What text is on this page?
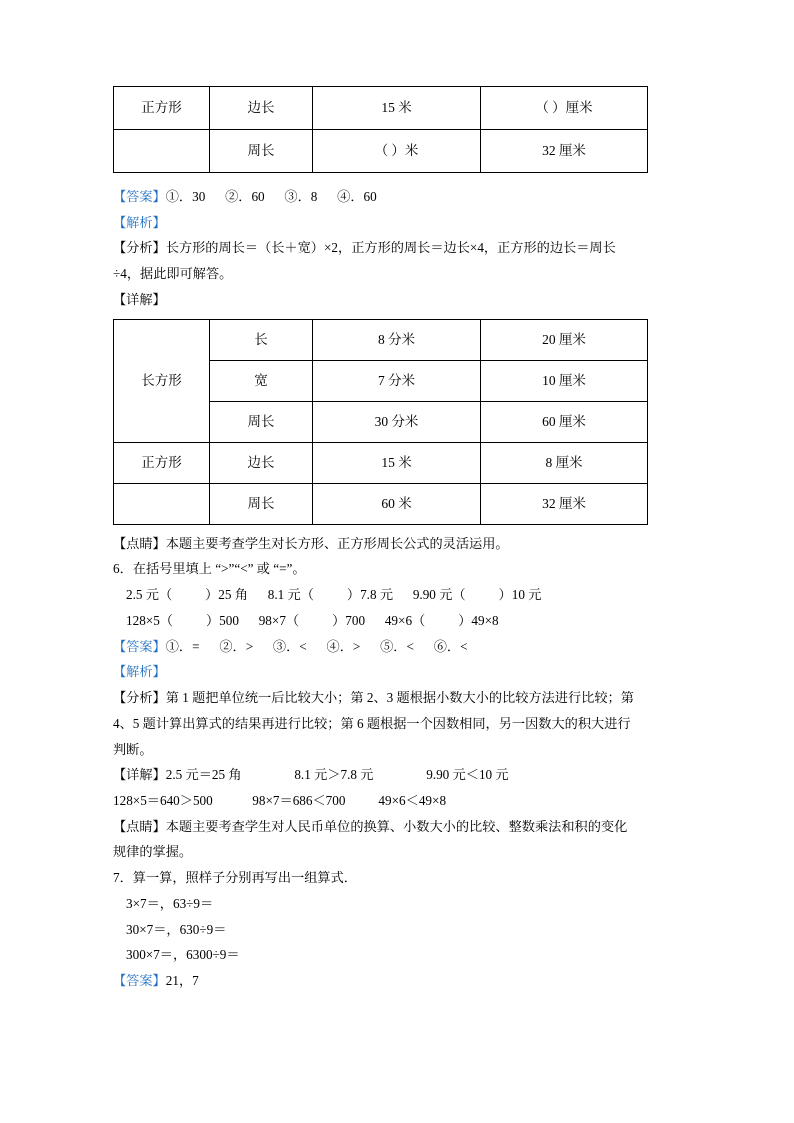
正方形	边长	15 米	（ ）厘米
	周长	（ ）米	32 厘米
【答案】①．30      ②．60      ③．8      ④．60
【解析】
【分析】长方形的周长＝（长＋宽）×2，正方形的周长＝边长×4，正方形的边长＝周长
÷4，据此即可解答。
【详解】
长方形	长	8 分米	20 厘米
	宽	7 分米	10 厘米
	周长	30 分米	60 厘米
正方形	边长	15 米	8 厘米
	周长	60 米	32 厘米
【点睛】本题主要考查学生对长方形、正方形周长公式的灵活运用。
6．在括号里填上 “>”“<” 或 “=”。
2.5 元（          ）25 角      8.1 元（          ）7.8 元      9.90 元（          ）10 元
128×5（          ）500      98×7（          ）700      49×6（          ）49×8
【答案】①．=      ②．>      ③．<      ④．>      ⑤．<      ⑥．<
【解析】
【分析】第 1 题把单位统一后比较大小；第 2、3 题根据小数大小的比较方法进行比较；第
4、5 题计算出算式的结果再进行比较；第 6 题根据一个因数相同，另一因数大的积大进行
判断。
【详解】2.5 元＝25 角                8.1 元＞7.8 元                9.90 元＜10 元
128×5＝640＞500            98×7＝686＜700          49×6＜49×8
【点睛】本题主要考查学生对人民币单位的换算、小数大小的比较、整数乘法和积的变化
规律的掌握。
7．算一算，照样子分别再写出一组算式．
3×7＝，63÷9＝
30×7＝，630÷9＝
300×7＝，6300÷9＝
【答案】21，7
